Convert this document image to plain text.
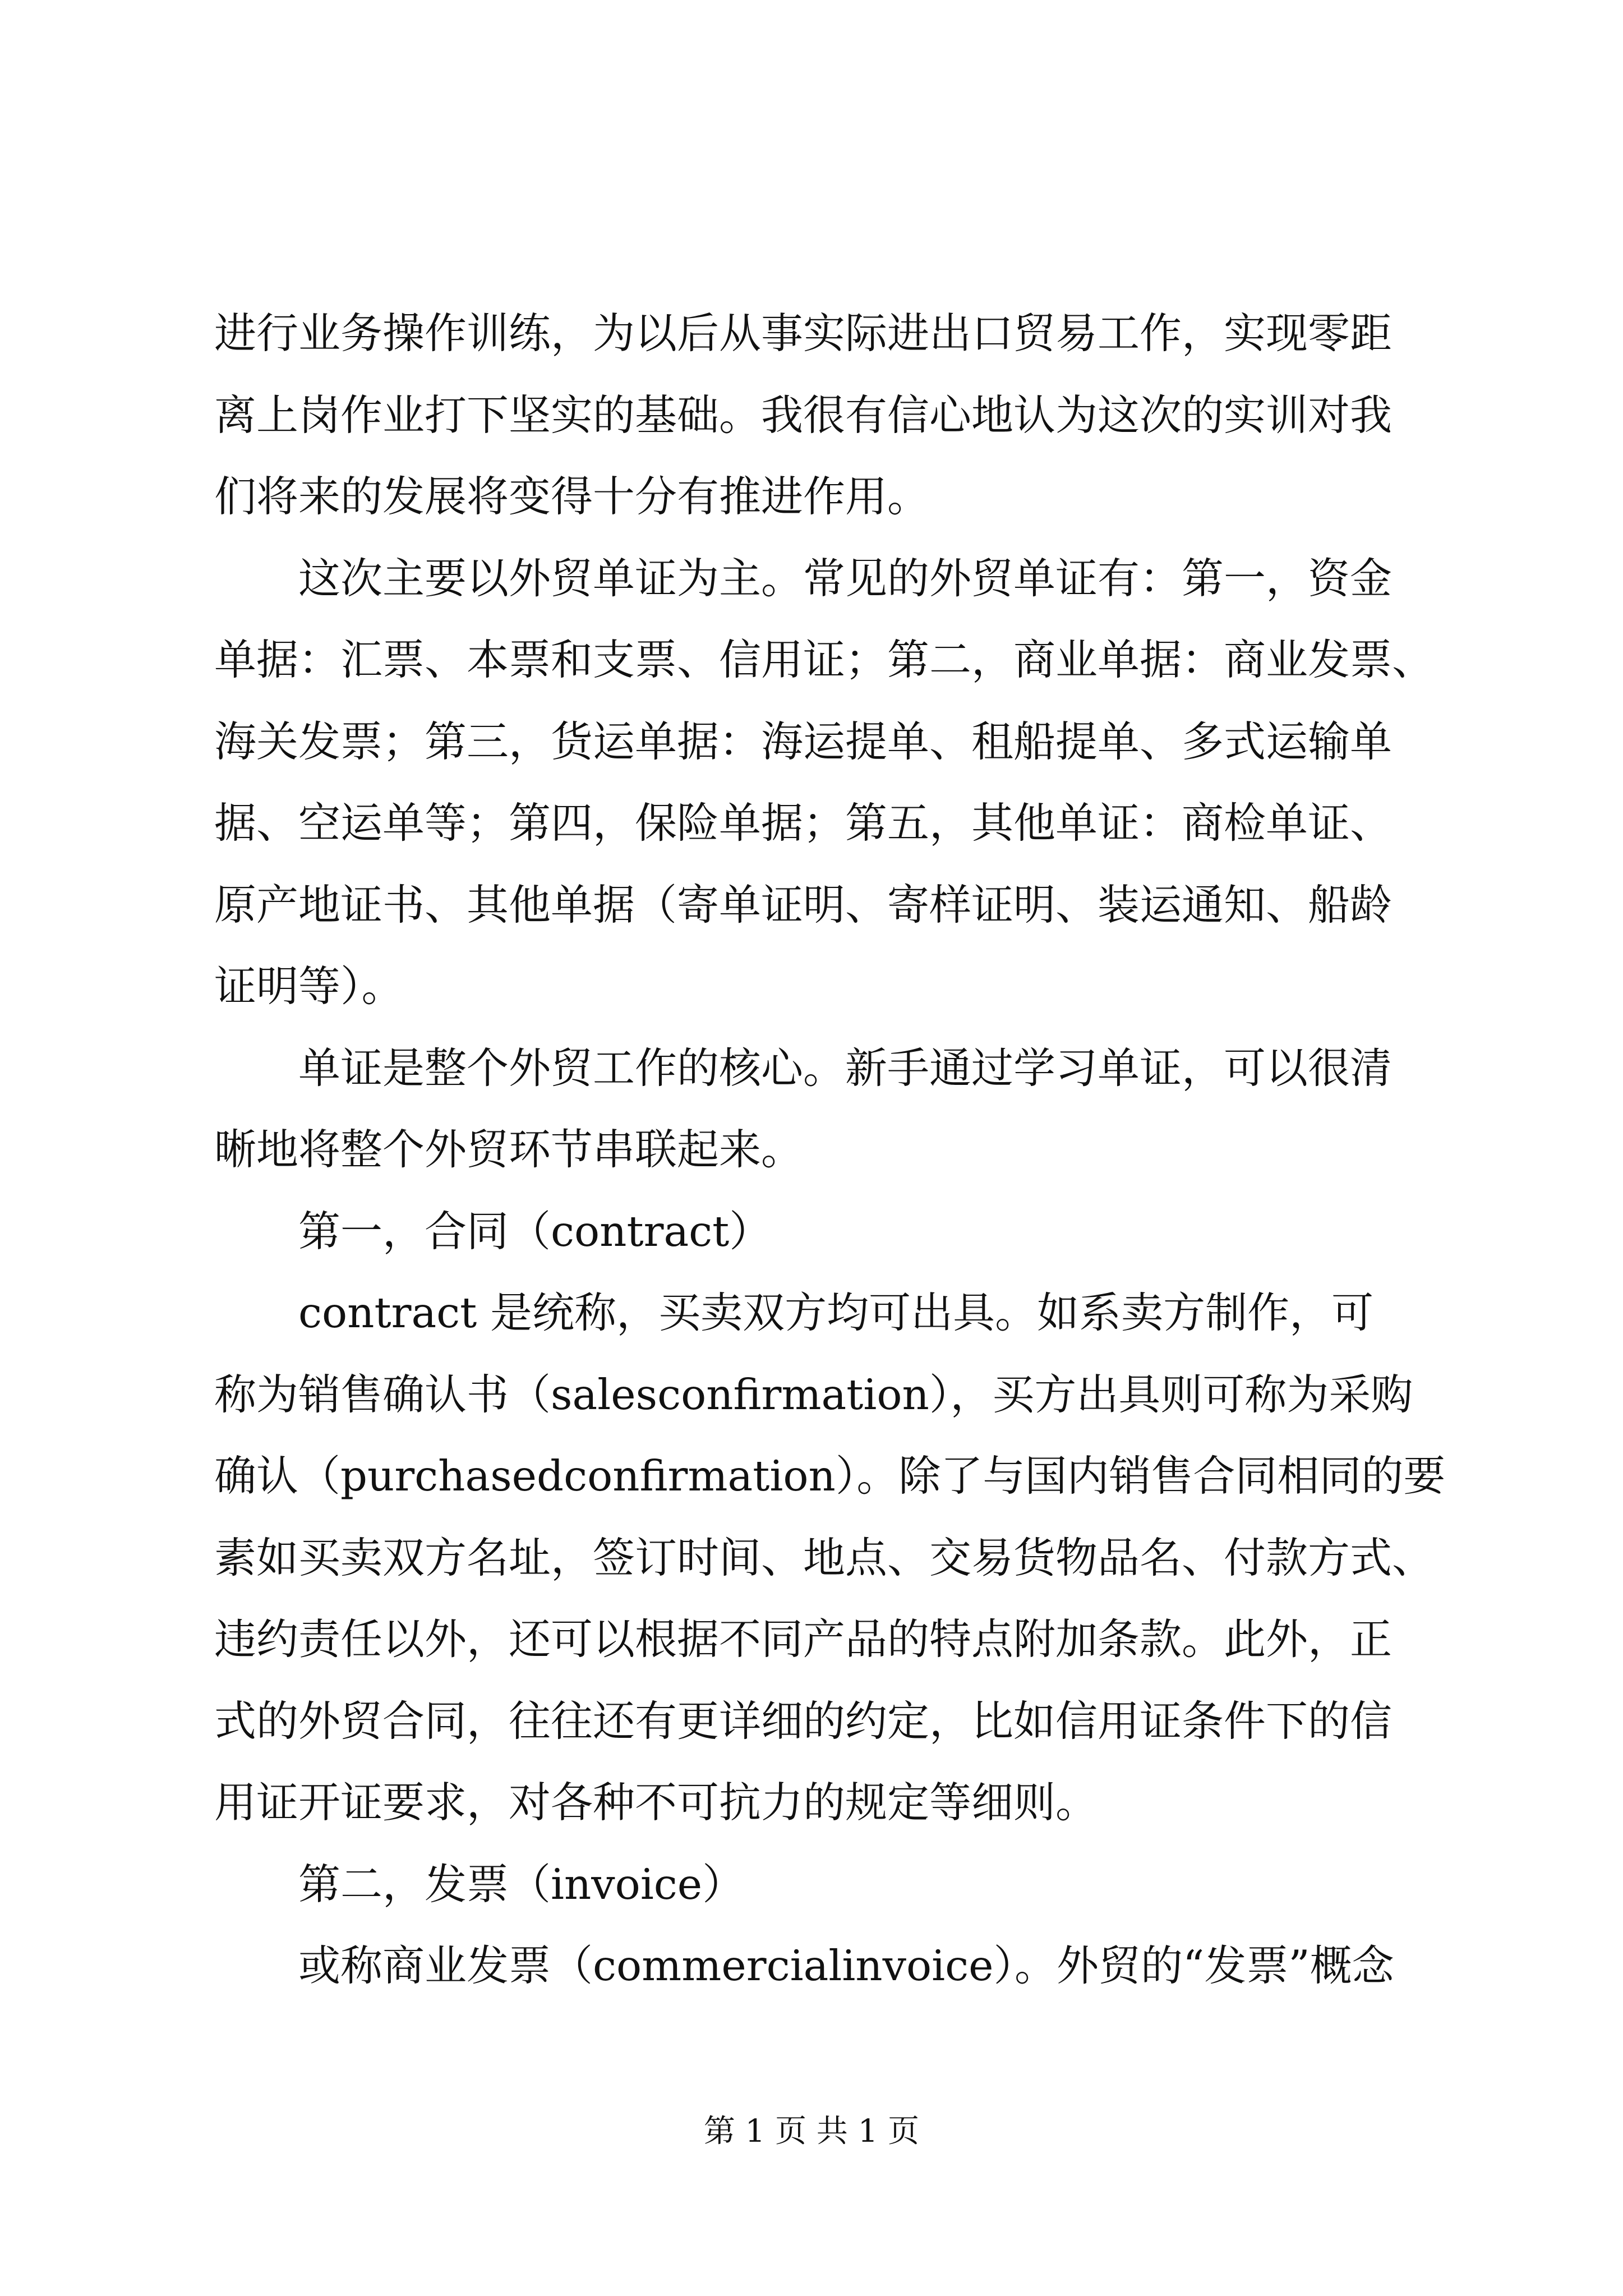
进行业务操作训练，为以后从事实际进出口贸易工作，实现零距
离上岗作业打下坚实的基础。我很有信心地认为这次的实训对我
们将来的发展将变得十分有推进作用。
　　这次主要以外贸单证为主。常见的外贸单证有：第一，资金
单据：汇票、本票和支票、信用证；第二，商业单据：商业发票、
海关发票；第三，货运单据：海运提单、租船提单、多式运输单
据、空运单等；第四，保险单据；第五，其他单证：商检单证、
原产地证书、其他单据（寄单证明、寄样证明、装运通知、船龄
证明等）。
　　单证是整个外贸工作的核心。新手通过学习单证，可以很清
晰地将整个外贸环节串联起来。
　　第一，合同（contract）
　　contract 是统称，买卖双方均可出具。如系卖方制作，可
称为销售确认书（salesconfirmation），买方出具则可称为采购
确认（purchasedconfirmation）。除了与国内销售合同相同的要
素如买卖双方名址，签订时间、地点、交易货物品名、付款方式、
违约责任以外，还可以根据不同产品的特点附加条款。此外，正
式的外贸合同，往往还有更详细的约定，比如信用证条件下的信
用证开证要求，对各种不可抗力的规定等细则。
　　第二，发票（invoice）
　　或称商业发票（commercialinvoice）。外贸的“发票”概念
第 1 页 共 1 页
